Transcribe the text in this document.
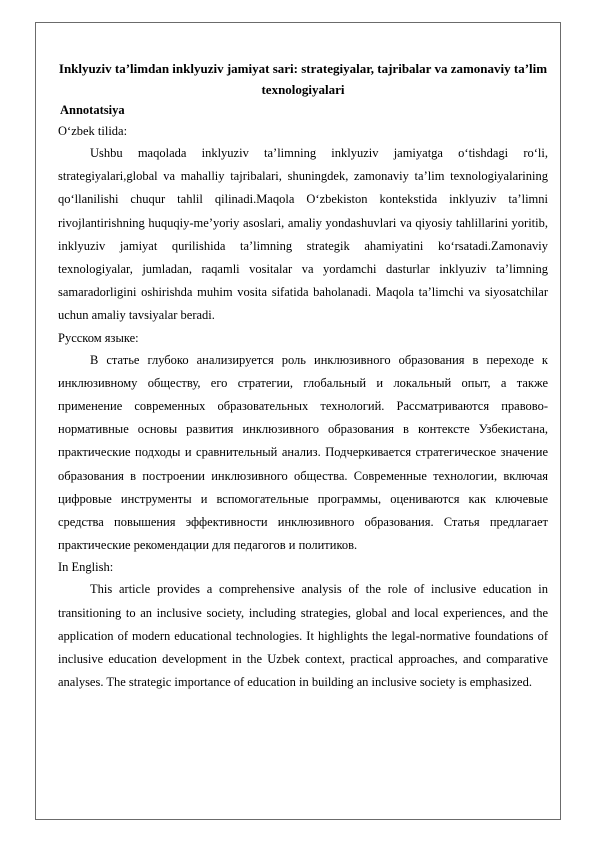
Inklyuziv ta’limdan inklyuziv jamiyat sari: strategiyalar, tajribalar va zamonaviy ta’lim texnologiyalari

Annotatsiya

O‘zbek tilida:

Ushbu maqolada inklyuziv ta’limning inklyuziv jamiyatga o‘tishdagi ro‘li, strategiyalari,global va mahalliy tajribalari, shuningdek, zamonaviy ta’lim texnologiyalarining qo‘llanilishi chuqur tahlil qilinadi.Maqola O‘zbekiston kontekstida inklyuziv ta’limni rivojlantirishning huquqiy-me’yoriy asoslari, amaliy yondashuvlari va qiyosiy tahlillarini yoritib, inklyuziv jamiyat qurilishida ta’limning strategik ahamiyatini ko‘rsatadi.Zamonaviy texnologiyalar, jumladan, raqamli vositalar va yordamchi dasturlar inklyuziv ta’limning samaradorligini oshirishda muhim vosita sifatida baholanadi. Maqola ta’limchi va siyosatchilar uchun amaliy tavsiyalar beradi.

Русском языке:

В статье глубоко анализируется роль инклюзивного образования в переходе к инклюзивному обществу, его стратегии, глобальный и локальный опыт, а также применение современных образовательных технологий. Рассматриваются правово-нормативные основы развития инклюзивного образования в контексте Узбекистана, практические подходы и сравнительный анализ. Подчеркивается стратегическое значение образования в построении инклюзивного общества. Современные технологии, включая цифровые инструменты и вспомогательные программы, оцениваются как ключевые средства повышения эффективности инклюзивного образования. Статья предлагает практические рекомендации для педагогов и политиков.

In English:

This article provides a comprehensive analysis of the role of inclusive education in transitioning to an inclusive society, including strategies, global and local experiences, and the application of modern educational technologies. It highlights the legal-normative foundations of inclusive education development in the Uzbek context, practical approaches, and comparative analyses. The strategic importance of education in building an inclusive society is emphasized.
